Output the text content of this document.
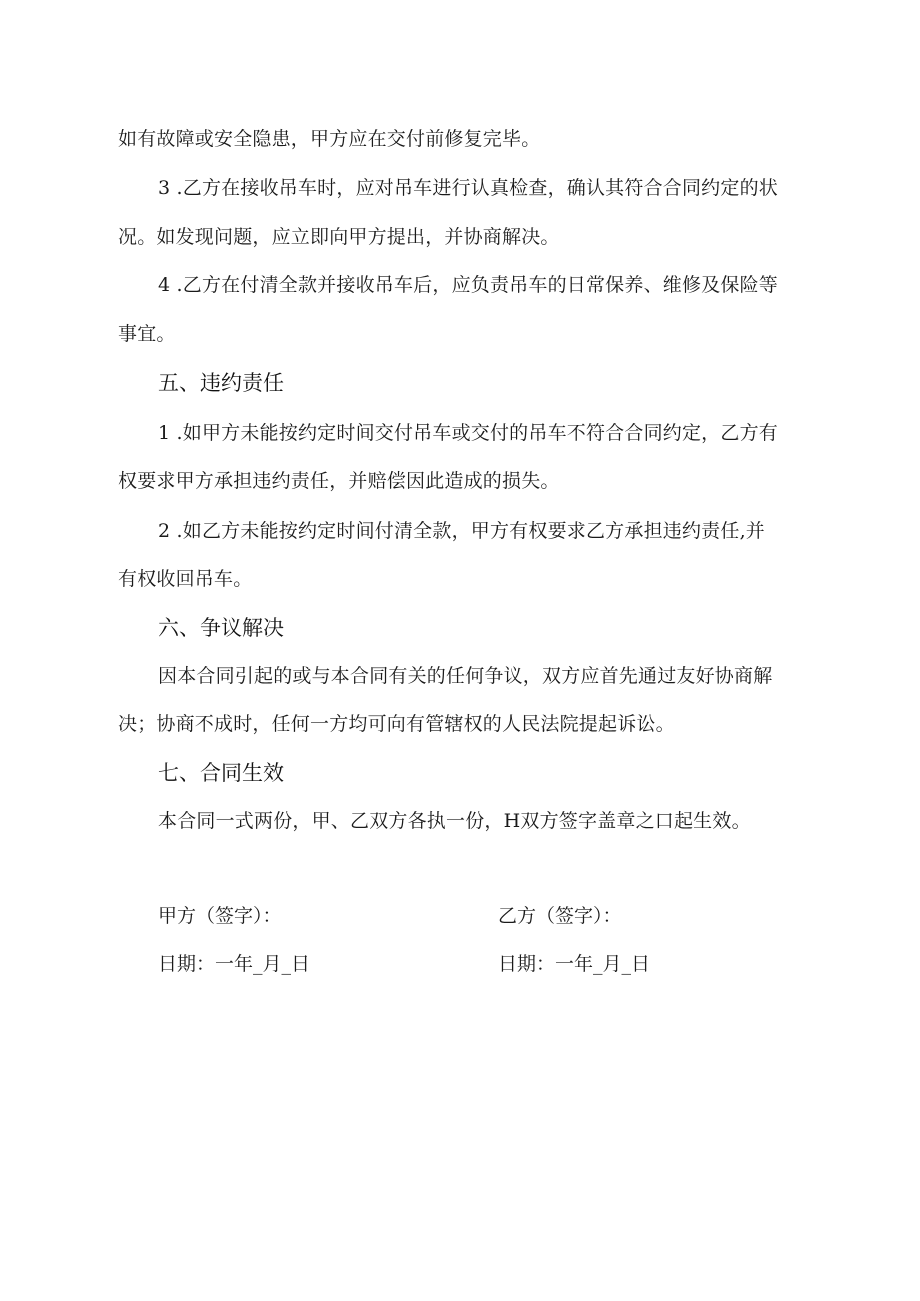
如有故障或安全隐患，甲方应在交付前修复完毕。
3 .乙方在接收吊车时，应对吊车进行认真检查，确认其符合合同约定的状
况。如发现问题，应立即向甲方提出，并协商解决。
4 .乙方在付清全款并接收吊车后，应负责吊车的日常保养、维修及保险等
事宜。
五、违约责任
1 .如甲方未能按约定时间交付吊车或交付的吊车不符合合同约定，乙方有
权要求甲方承担违约责任，并赔偿因此造成的损失。
2 .如乙方未能按约定时间付清全款，甲方有权要求乙方承担违约责任,并
有权收回吊车。
六、争议解决
因本合同引起的或与本合同有关的任何争议，双方应首先通过友好协商解
决；协商不成时，任何一方均可向有管辖权的人民法院提起诉讼。
七、合同生效
本合同一式两份，甲、乙双方各执一份，H双方签字盖章之口起生效。
甲方（签字）：	乙方（签字）：
日期：一年_月_日	日期：一年_月_日
